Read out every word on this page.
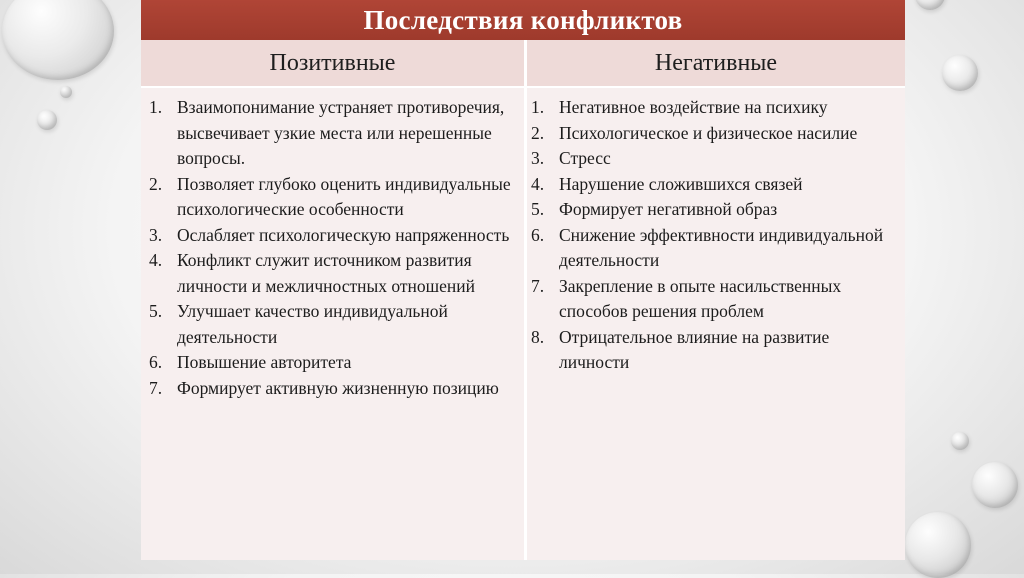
Последствия конфликтов
Позитивные	Негативные
1. Взаимопонимание устраняет противоречия, высвечивает узкие места или нерешенные вопросы.
2. Позволяет глубоко оценить индивидуальные психологические особенности
3. Ослабляет психологическую напряженность
4. Конфликт служит источником развития личности и межличностных отношений
5. Улучшает качество индивидуальной деятельности
6. Повышение авторитета
7. Формирует активную жизненную позицию
1. Негативное воздействие на психику
2. Психологическое и физическое насилие
3. Стресс
4. Нарушение сложившихся связей
5. Формирует негативной образ
6. Снижение эффективности индивидуальной деятельности
7. Закрепление в опыте насильственных способов решения проблем
8. Отрицательное влияние на развитие личности
